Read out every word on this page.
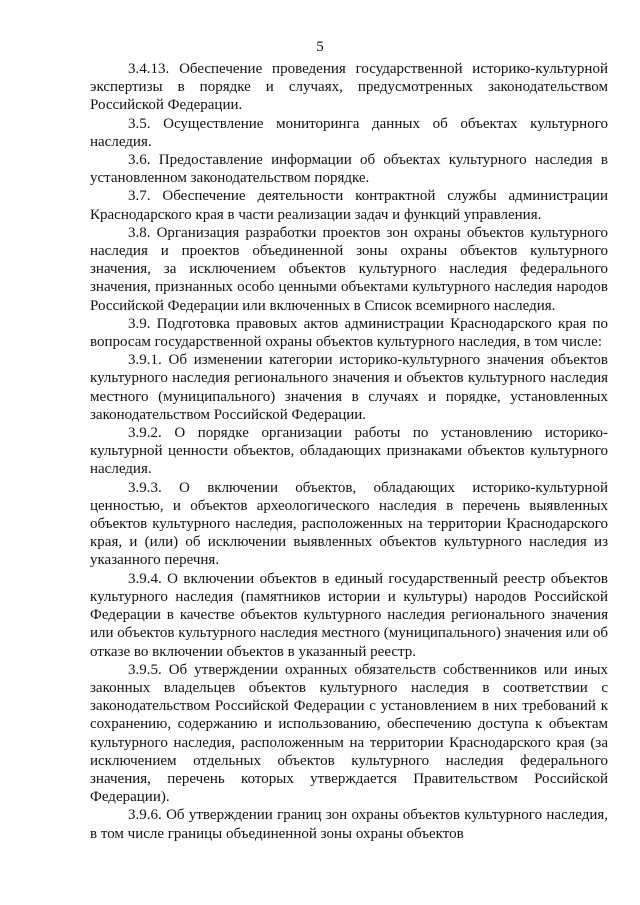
5

3.4.13. Обеспечение проведения государственной историко-культурной экспертизы в порядке и случаях, предусмотренных законодательством Российской Федерации.

3.5. Осуществление мониторинга данных об объектах культурного наследия.

3.6. Предоставление информации об объектах культурного наследия в установленном законодательством порядке.

3.7. Обеспечение деятельности контрактной службы администрации Краснодарского края в части реализации задач и функций управления.

3.8. Организация разработки проектов зон охраны объектов культурного наследия и проектов объединенной зоны охраны объектов культурного значения, за исключением объектов культурного наследия федерального значения, признанных особо ценными объектами культурного наследия народов Российской Федерации или включенных в Список всемирного наследия.

3.9. Подготовка правовых актов администрации Краснодарского края по вопросам государственной охраны объектов культурного наследия, в том числе:

3.9.1. Об изменении категории историко-культурного значения объектов культурного наследия регионального значения и объектов культурного наследия местного (муниципального) значения в случаях и порядке, установленных законодательством Российской Федерации.

3.9.2. О порядке организации работы по установлению историко-культурной ценности объектов, обладающих признаками объектов культурного наследия.

3.9.3. О включении объектов, обладающих историко-культурной ценностью, и объектов археологического наследия в перечень выявленных объектов культурного наследия, расположенных на территории Краснодарского края, и (или) об исключении выявленных объектов культурного наследия из указанного перечня.

3.9.4. О включении объектов в единый государственный реестр объектов культурного наследия (памятников истории и культуры) народов Российской Федерации в качестве объектов культурного наследия регионального значения или объектов культурного наследия местного (муниципального) значения или об отказе во включении объектов в указанный реестр.

3.9.5. Об утверждении охранных обязательств собственников или иных законных владельцев объектов культурного наследия в соответствии с законодательством Российской Федерации с установлением в них требований к сохранению, содержанию и использованию, обеспечению доступа к объектам культурного наследия, расположенным на территории Краснодарского края (за исключением отдельных объектов культурного наследия федерального значения, перечень которых утверждается Правительством Российской Федерации).

3.9.6. Об утверждении границ зон охраны объектов культурного наследия, в том числе границы объединенной зоны охраны объектов
